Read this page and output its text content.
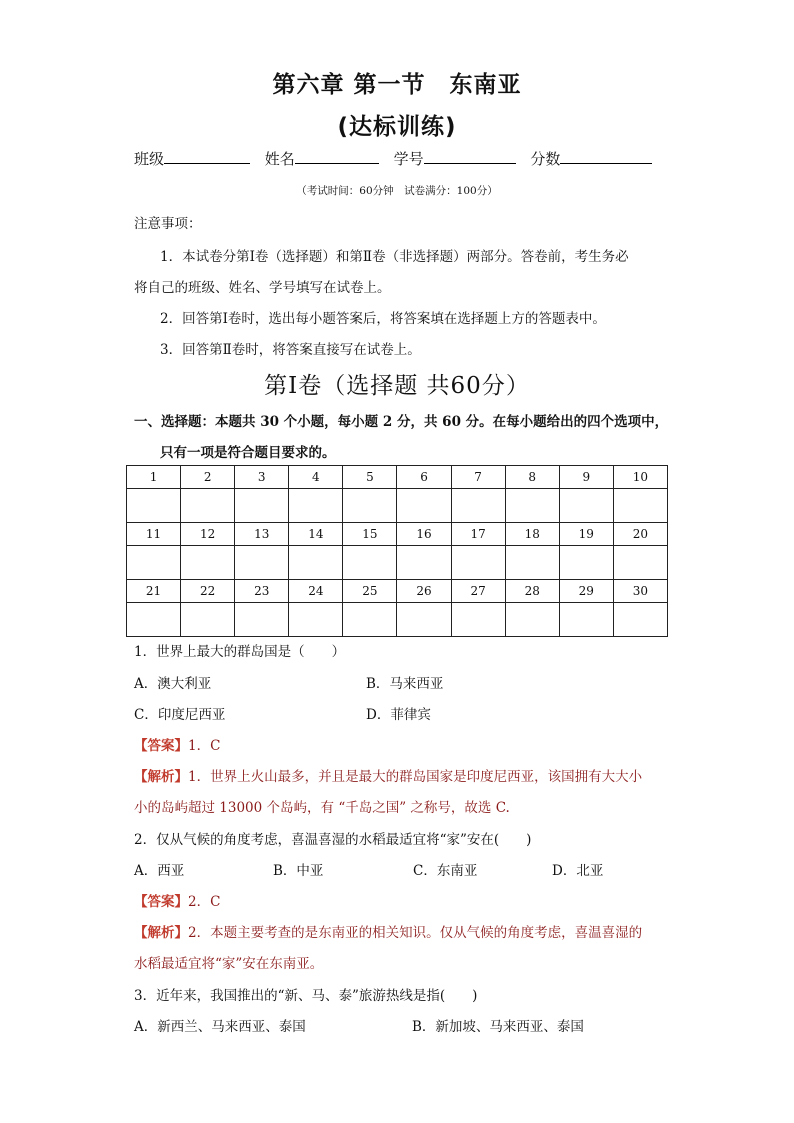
第六章 第一节　东南亚
(达标训练)
班级	姓名	学号	分数
（考试时间：60分钟　试卷满分：100分）
注意事项：
1．本试卷分第Ⅰ卷（选择题）和第Ⅱ卷（非选择题）两部分。答卷前，考生务必
将自己的班级、姓名、学号填写在试卷上。
2．回答第Ⅰ卷时，选出每小题答案后，将答案填在选择题上方的答题表中。
3．回答第Ⅱ卷时，将答案直接写在试卷上。
第Ⅰ卷（选择题 共60分）
一、选择题：本题共 30 个小题，每小题 2 分，共 60 分。在每小题给出的四个选项中，
只有一项是符合题目要求的。
1	2	3	4	5	6	7	8	9	10

11	12	13	14	15	16	17	18	19	20

21	22	23	24	25	26	27	28	29	30

1．世界上最大的群岛国是（　　）
A．澳大利亚	B．马来西亚
C．印度尼西亚	D．菲律宾
【答案】1．C
【解析】1．世界上火山最多，并且是最大的群岛国家是印度尼西亚，该国拥有大大小
小的岛屿超过 13000 个岛屿，有 “千岛之国” 之称号，故选 C.
2．仅从气候的角度考虑，喜温喜湿的水稻最适宜将“家”安在(　　)
A．西亚	B．中亚	C．东南亚	D．北亚
【答案】2．C
【解析】2．本题主要考查的是东南亚的相关知识。仅从气候的角度考虑，喜温喜湿的
水稻最适宜将“家”安在东南亚。
3．近年来，我国推出的“新、马、泰”旅游热线是指(　　)
A．新西兰、马来西亚、泰国	B．新加坡、马来西亚、泰国
